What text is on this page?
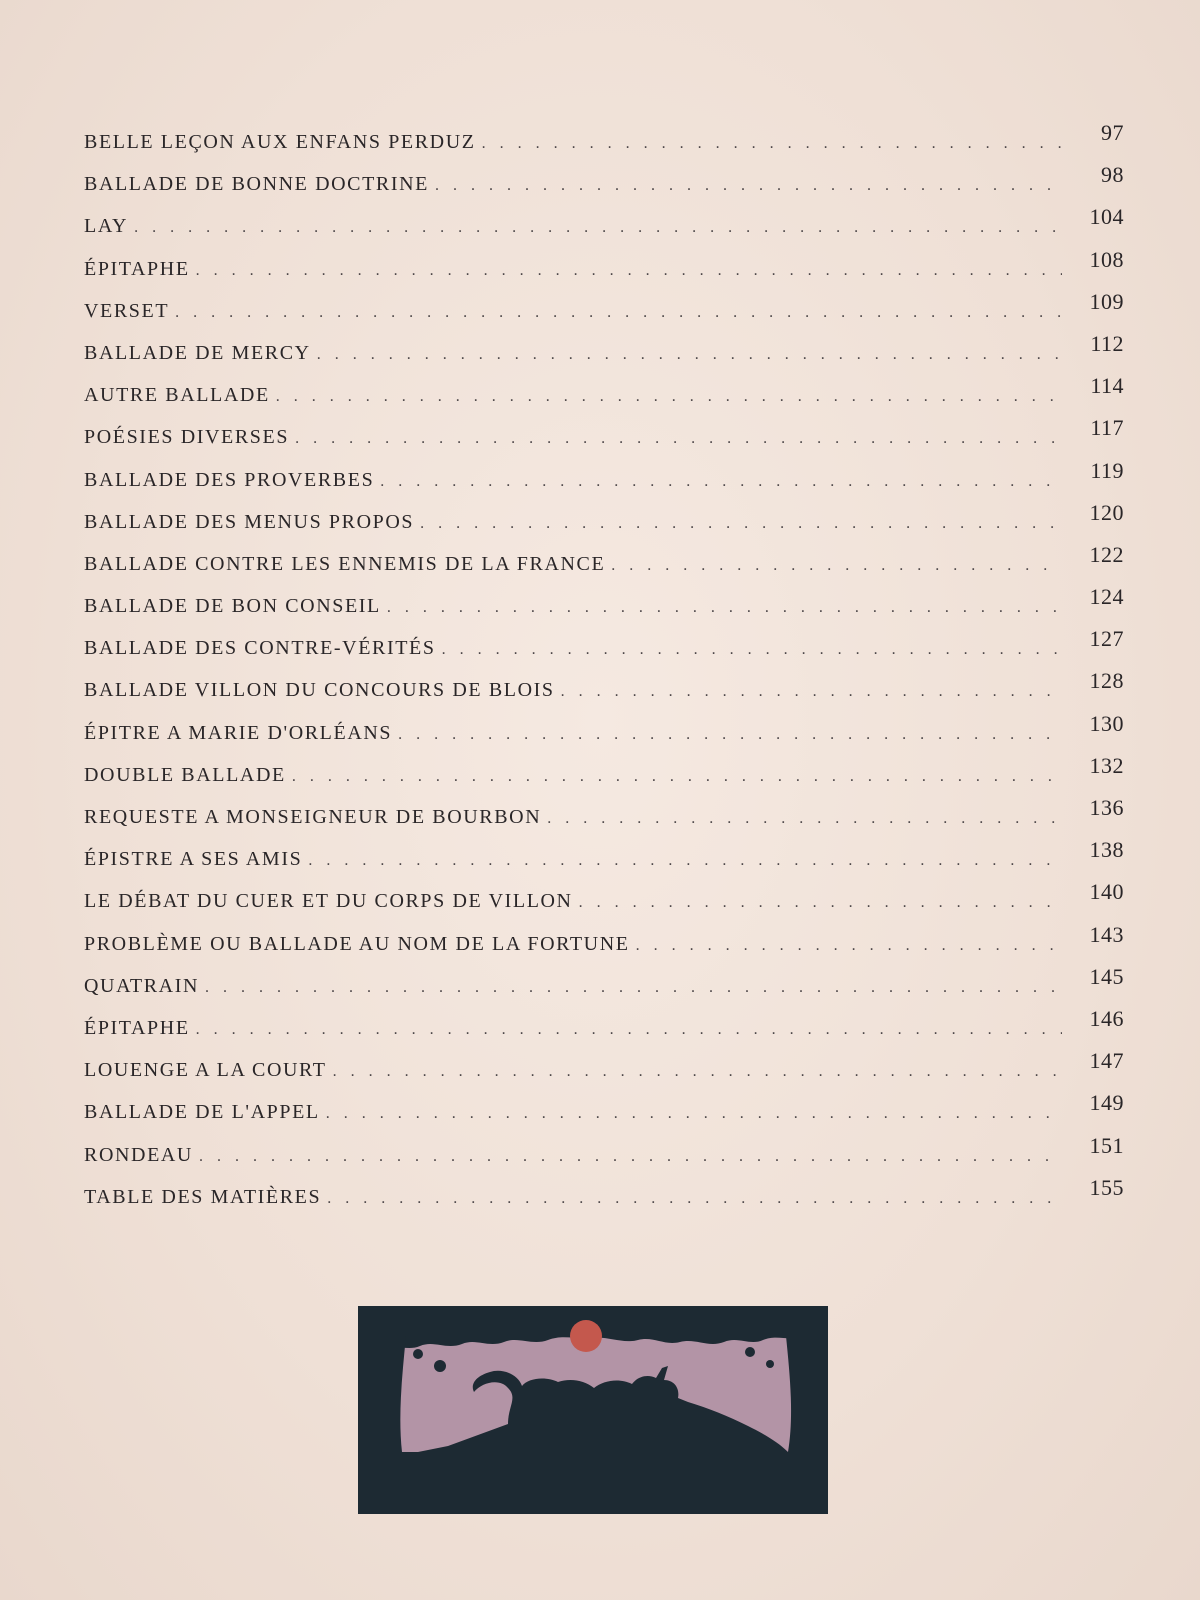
BELLE LEÇON AUX ENFANS PERDUZ . . .	97
BALLADE DE BONNE DOCTRINE . . .	98
LAY . . .	104
ÉPITAPHE . . .	108
VERSET . . .	109
BALLADE DE MERCY . . .	112
AUTRE BALLADE . . .	114
POÉSIES DIVERSES . . .	117
BALLADE DES PROVERBES . . .	119
BALLADE DES MENUS PROPOS . . .	120
BALLADE CONTRE LES ENNEMIS DE LA FRANCE . . .	122
BALLADE DE BON CONSEIL . . .	124
BALLADE DES CONTRE-VÉRITÉS . . .	127
BALLADE VILLON DU CONCOURS DE BLOIS . . .	128
ÉPITRE A MARIE D'ORLÉANS . . .	130
DOUBLE BALLADE . . .	132
REQUESTE A MONSEIGNEUR DE BOURBON . . .	136
ÉPISTRE A SES AMIS . . .	138
LE DÉBAT DU CUER ET DU CORPS DE VILLON . . .	140
PROBLÈME OU BALLADE AU NOM DE LA FORTUNE . . .	143
QUATRAIN . . .	145
ÉPITAPHE . . .	146
LOUENGE A LA COURT . . .	147
BALLADE DE L'APPEL . . .	149
RONDEAU . . .	151
TABLE DES MATIÈRES . . .	155
